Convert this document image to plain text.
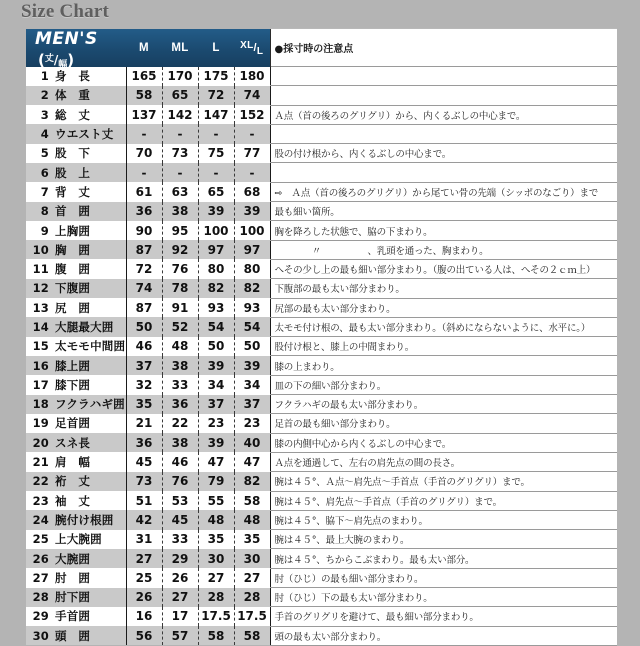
Size Chart
MEN'S(丈/幅)	M	ML	L	XL/L	●採寸時の注意点
1 身　長	165	170	175	180	
2 体　重	58	65	72	74	
3 総　丈	137	142	147	152	Ａ点（首の後ろのグリグリ）から、内くるぶしの中心まで。
4 ウエスト丈	-	-	-	-	
5 股　下	70	73	75	77	股の付け根から、内くるぶしの中心まで。
6 股　上	-	-	-	-	
7 背　丈	61	63	65	68	⇨　Ａ点（首の後ろのグリグリ）から尾てい骨の先端（シッポのなごり）まで
8 首　囲	36	38	39	39	最も細い箇所。
9 上胸囲	90	95	100	100	胸を降ろした状態で、脇の下まわり。
10 胸　囲	87	92	97	97	　　　　〃　　　　　、乳頭を通った、胸まわり。
11 腹　囲	72	76	80	80	へその少し上の最も細い部分まわり。（腹の出ている人は、へその２ｃｍ上）
12 下腹囲	74	78	82	82	下腹部の最も太い部分まわり。
13 尻　囲	87	91	93	93	尻部の最も太い部分まわり。
14 大腿最大囲	50	52	54	54	太モモ付け根の、最も太い部分まわり。（斜めにならないように、水平に。）
15 太モモ中間囲	46	48	50	50	股付け根と、膝上の中間まわり。
16 膝上囲	37	38	39	39	膝の上まわり。
17 膝下囲	32	33	34	34	皿の下の細い部分まわり。
18 フクラハギ囲	35	36	37	37	フクラハギの最も太い部分まわり。
19 足首囲	21	22	23	23	足首の最も細い部分まわり。
20 スネ長	36	38	39	40	膝の内側中心から内くるぶしの中心まで。
21 肩　幅	45	46	47	47	Ａ点を通過して、左右の肩先点の間の長さ。
22 裄　丈	73	76	79	82	腕は４５°、Ａ点～肩先点～手首点（手首のグリグリ）まで。
23 袖　丈	51	53	55	58	腕は４５°、肩先点～手首点（手首のグリグリ）まで。
24 腕付け根囲	42	45	48	48	腕は４５°、脇下～肩先点のまわり。
25 上大腕囲	31	33	35	35	腕は４５°、最上大腕のまわり。
26 大腕囲	27	29	30	30	腕は４５°、ちからこぶまわり。最も太い部分。
27 肘　囲	25	26	27	27	肘（ひじ）の最も細い部分まわり。
28 肘下囲	26	27	28	28	肘（ひじ）下の最も太い部分まわり。
29 手首囲	16	17	17.5	17.5	手首のグリグリを避けて、最も細い部分まわり。
30 頭　囲	56	57	58	58	頭の最も太い部分まわり。
